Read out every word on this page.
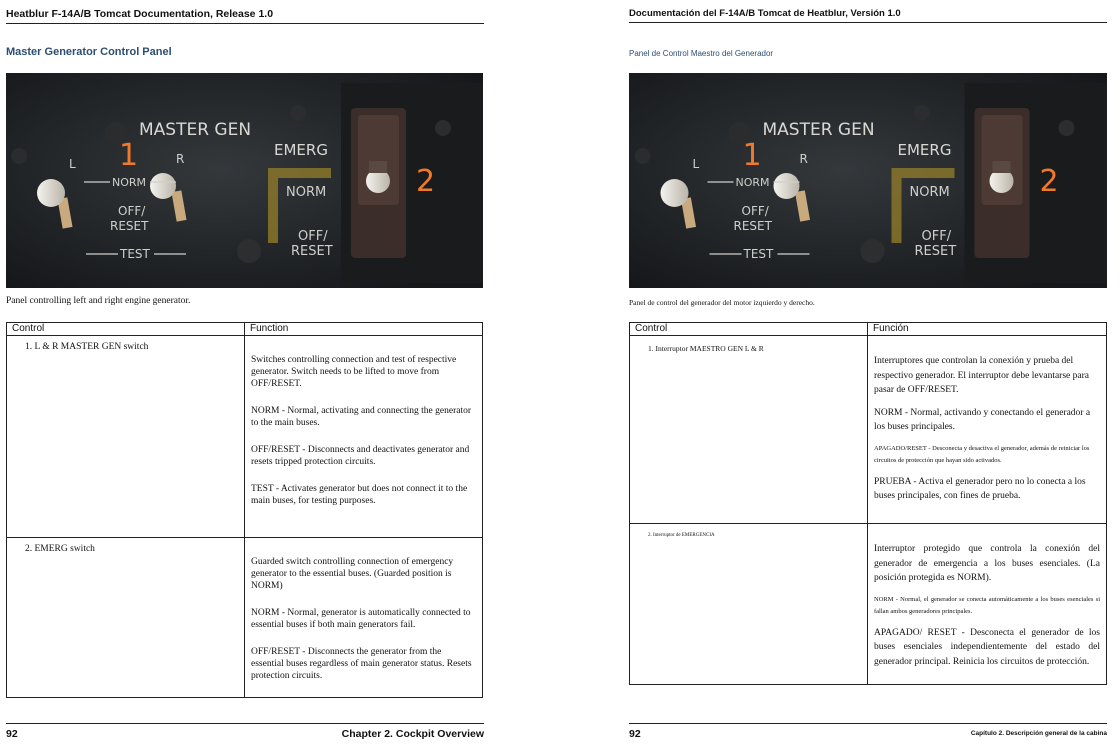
Heatblur F-14A/B Tomcat Documentation, Release 1.0
Master Generator Control Panel
MASTER GEN
L	R
NORM
OFF/
RESET
TEST
EMERG
NORM
OFF/
RESET
1
2
Panel controlling left and right engine generator.
Control	Function
1. L & R MASTER GEN switch	Switches controlling connection and test of respective generator. Switch needs to be lifted to move from OFF/RESET.

NORM - Normal, activating and connecting the generator to the main buses.

OFF/RESET - Disconnects and deactivates generator and resets tripped protection circuits.

TEST - Activates generator but does not connect it to the main buses, for testing purposes.

2. EMERG switch	Guarded switch controlling connection of emergency generator to the essential buses. (Guarded position is NORM)

NORM - Normal, generator is automatically connected to essential buses if both main generators fail.

OFF/RESET - Disconnects the generator from the essential buses regardless of main generator status. Resets protection circuits.

92	Chapter 2. Cockpit Overview
Documentación del F-14A/B Tomcat de Heatblur, Versión 1.0
Panel de Control Maestro del Generador
MASTER GEN
L	R
NORM
OFF/
RESET
TEST
EMERG
NORM
OFF/
RESET
1
2
Panel de control del generador del motor izquierdo y derecho.
Control	Función
1. Interruptor MAESTRO GEN L & R	Interruptores que controlan la conexión y prueba del respectivo generador. El interruptor debe levantarse para pasar de OFF/RESET.

NORM - Normal, activando y conectando el generador a los buses principales.

APAGADO/RESET - Desconecta y desactiva el generador, además de reiniciar los circuitos de protección que hayan sido activados.

PRUEBA - Activa el generador pero no lo conecta a los buses principales, con fines de prueba.

2. Interruptor de EMERGENCIA	Interruptor protegido que controla la conexión del generador de emergencia a los buses esenciales. (La posición protegida es NORM).

NORM - Normal, el generador se conecta automáticamente a los buses esenciales si fallan ambos generadores principales.

APAGADO/ RESET - Desconecta el generador de los buses esenciales independientemente del estado del generador principal. Reinicia los circuitos de protección.

92	Capítulo 2. Descripción general de la cabina
